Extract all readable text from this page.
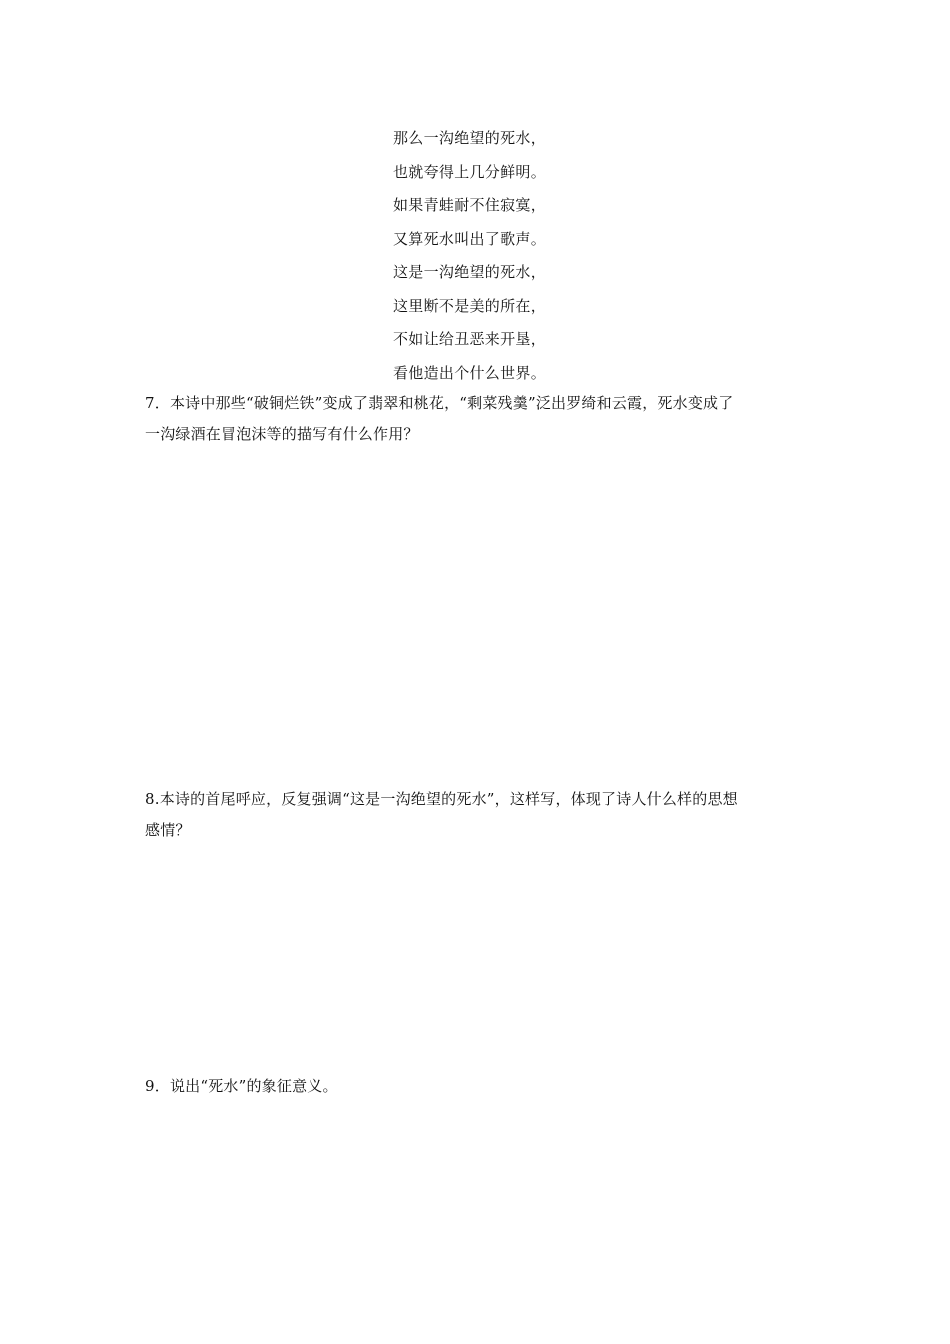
那么一沟绝望的死水，
也就夸得上几分鲜明。
如果青蛙耐不住寂寞，
又算死水叫出了歌声。
这是一沟绝望的死水，
这里断不是美的所在，
不如让给丑恶来开垦，
看他造出个什么世界。
7．本诗中那些“破铜烂铁”变成了翡翠和桃花，“剩菜残羹”泛出罗绮和云霞，死水变成了
一沟绿酒在冒泡沫等的描写有什么作用？
8.本诗的首尾呼应，反复强调“这是一沟绝望的死水”，这样写，体现了诗人什么样的思想
感情？
9．说出“死水”的象征意义。
